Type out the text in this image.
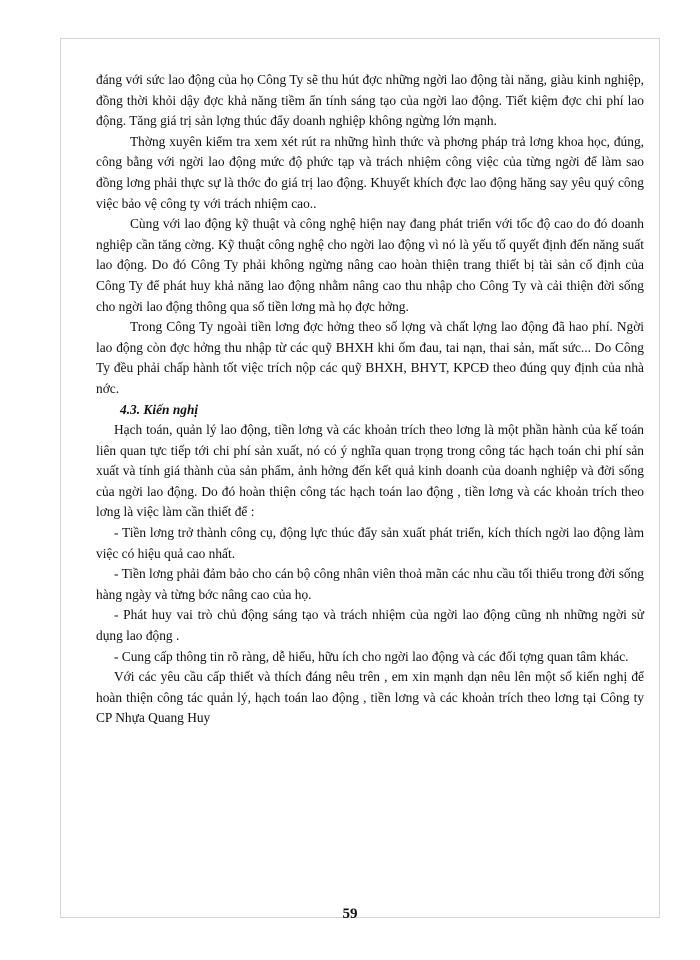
đáng với sức lao động của họ Công Ty sẽ thu hút đợc những ngời lao động tài năng, giàu kinh nghiệp, đồng thời khỏi dậy đợc khả năng tiềm ẩn tính sáng tạo của ngời lao động. Tiết kiệm đợc chi phí lao động. Tăng giá trị sản lợng thúc đẩy doanh nghiệp không ngừng lớn mạnh.

Thờng xuyên kiểm tra xem xét rút ra những hình thức và phơng pháp trả lơng khoa học, đúng, công bằng với ngời lao động mức độ phức tạp và trách nhiệm công việc của từng ngời để làm sao đồng lơng phải thực sự là thớc đo giá trị lao động. Khuyết khích đợc lao động hăng say yêu quý công việc bảo vệ công ty với trách nhiệm cao..

Cùng với lao động kỹ thuật và công nghệ hiện nay đang phát triển với tốc độ cao do đó doanh nghiệp cần tăng cờng. Kỹ thuật công nghệ cho ngời lao động vì nó là yếu tố quyết định đến năng suất lao động. Do đó Công Ty phải không ngừng nâng cao hoàn thiện trang thiết bị tài sản cố định của Công Ty để phát huy khả năng lao động nhằm nâng cao thu nhập cho Công Ty và cải thiện đời sống cho ngời lao động thông qua số tiền lơng mà họ đợc hởng.

Trong Công Ty ngoài tiền lơng đợc hởng theo số lợng và chất lợng lao động đã hao phí. Ngời lao động còn đợc hởng thu nhập từ các quỹ BHXH khi ốm đau, tai nạn, thai sản, mất sức... Do Công Ty đều phải chấp hành tốt việc trích nộp các quỹ BHXH, BHYT, KPCĐ theo đúng quy định của nhà nớc.

4.3. Kiến nghị

Hạch toán, quản lý lao động, tiền lơng và các khoản trích theo lơng là một phần hành của kế toán liên quan tực tiếp tới chi phí sản xuất, nó có ý nghĩa quan trọng trong công tác hạch toán chi phí sản xuất và tính giá thành của sản phẩm, ảnh hởng đến kết quả kinh doanh của doanh nghiệp và đời sống của ngời lao động. Do đó hoàn thiện công tác hạch toán lao động , tiền lơng và các khoản trích theo lơng là việc làm cần thiết để :

- Tiền lơng trở thành công cụ, động lực thúc đẩy sản xuất phát triển, kích thích ngời lao động làm việc có hiệu quả cao nhất.

- Tiền lơng phải đảm bảo cho cán bộ công nhân viên thoả mãn các nhu cầu tối thiểu trong đời sống hàng ngày và từng bớc nâng cao của họ.

- Phát huy vai trò chủ động sáng tạo và trách nhiệm của ngời lao động cũng nh những ngời sử dụng lao động .

- Cung cấp thông tin rõ ràng, dễ hiểu, hữu ích cho ngời lao động và các đối tợng quan tâm khác.

Với các yêu cầu cấp thiết và thích đáng nêu trên , em xin mạnh dạn nêu lên một số kiến nghị để hoàn thiện công tác quản lý, hạch toán lao động , tiền lơng và các khoản trích theo lơng tại Công ty CP Nhựa Quang Huy

59
